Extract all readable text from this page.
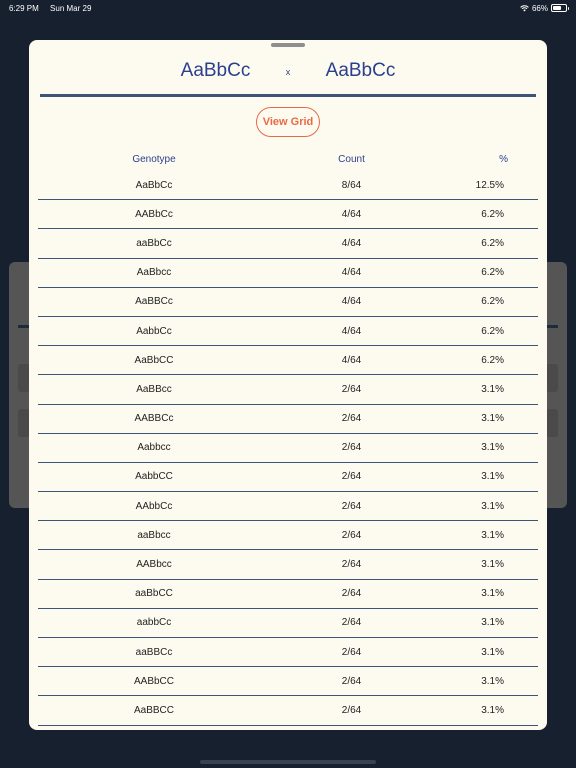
6:29 PM Sun Mar 29	66%
AaBbCc	x	AaBbCc
View Grid
Genotype	Count	%
AaBbCc	8/64	12.5%
AABbCc	4/64	6.2%
aaBbCc	4/64	6.2%
AaBbcc	4/64	6.2%
AaBBCc	4/64	6.2%
AabbCc	4/64	6.2%
AaBbCC	4/64	6.2%
AaBBcc	2/64	3.1%
AABBCc	2/64	3.1%
Aabbcc	2/64	3.1%
AabbCC	2/64	3.1%
AAbbCc	2/64	3.1%
aaBbcc	2/64	3.1%
AABbcc	2/64	3.1%
aaBbCC	2/64	3.1%
aabbCc	2/64	3.1%
aaBBCc	2/64	3.1%
AABbCC	2/64	3.1%
AaBBCC	2/64	3.1%
